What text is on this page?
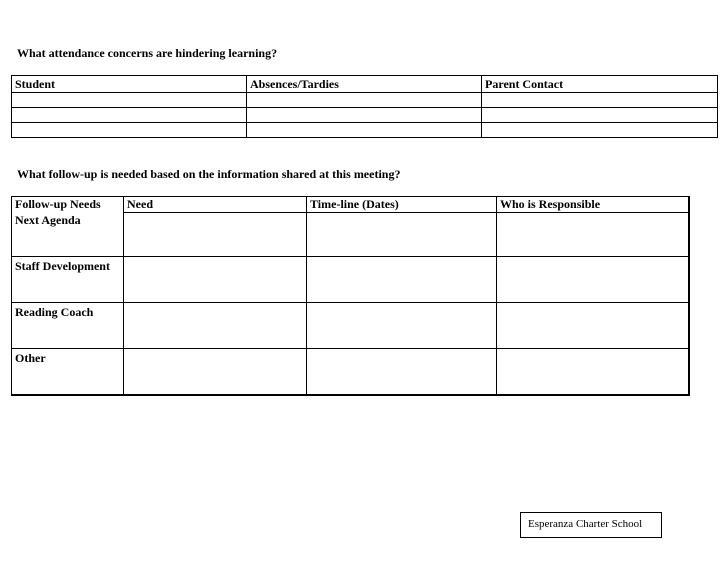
What attendance concerns are hindering learning?
Student	Absences/Tardies	Parent Contact

What follow-up is needed based on the information shared at this meeting?
Follow-up Needs	Need	Time-line (Dates)	Who is Responsible
Next Agenda			
Staff Development			
Reading Coach			
Other			
Esperanza Charter School
